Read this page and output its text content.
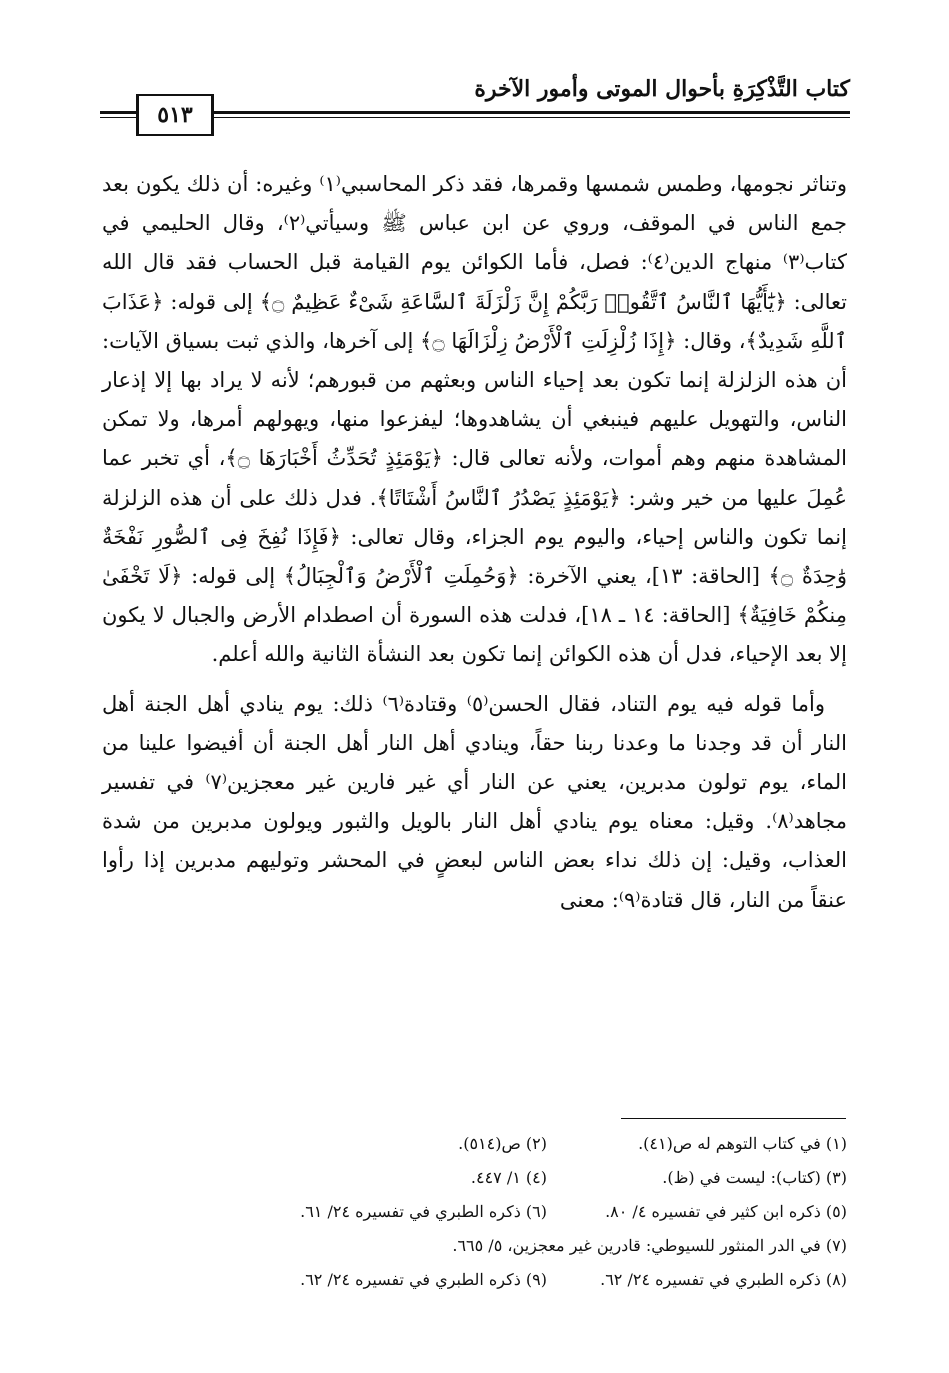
كتاب التَّذْكِرَةِ بأحوال الموتى وأمور الآخرة
٥١٣

وتناثر نجومها، وطمس شمسها وقمرها، فقد ذكر المحاسبي⁽١⁾ وغيره: أن ذلك يكون بعد جمع الناس في الموقف، وروي عن ابن عباس ﷺ وسيأتي⁽٢⁾، وقال الحليمي في كتاب⁽٣⁾ منهاج الدين⁽٤⁾: فصل، فأما الكوائن يوم القيامة قبل الحساب فقد قال الله تعالى: ﴿يَٰٓأَيُّهَا ٱلنَّاسُ ٱتَّقُوا۟ رَبَّكُمْ إِنَّ زَلْزَلَةَ ٱلسَّاعَةِ شَىْءٌ عَظِيمٌ ۝﴾ إلى قوله: ﴿عَذَابَ ٱللَّهِ شَدِيدٌ﴾، وقال: ﴿إِذَا زُلْزِلَتِ ٱلْأَرْضُ زِلْزَالَهَا ۝﴾ إلى آخرها، والذي ثبت بسياق الآيات: أن هذه الزلزلة إنما تكون بعد إحياء الناس وبعثهم من قبورهم؛ لأنه لا يراد بها إلا إذعار الناس، والتهويل عليهم فينبغي أن يشاهدوها؛ ليفزعوا منها، ويهولهم أمرها، ولا تمكن المشاهدة منهم وهم أموات، ولأنه تعالى قال: ﴿يَوْمَئِذٍ تُحَدِّثُ أَخْبَارَهَا ۝﴾، أي تخبر عما عُمِلَ عليها من خير وشر: ﴿يَوْمَئِذٍ يَصْدُرُ ٱلنَّاسُ أَشْتَاتًا﴾. فدل ذلك على أن هذه الزلزلة إنما تكون والناس إحياء، واليوم يوم الجزاء، وقال تعالى: ﴿فَإِذَا نُفِخَ فِى ٱلصُّورِ نَفْخَةٌ وَٰحِدَةٌ ۝﴾ [الحاقة: ١٣]، يعني الآخرة: ﴿وَحُمِلَتِ ٱلْأَرْضُ وَٱلْجِبَالُ﴾ إلى قوله: ﴿لَا تَخْفَىٰ مِنكُمْ خَافِيَةٌ﴾ [الحاقة: ١٤ ـ ١٨]، فدلت هذه السورة أن اصطدام الأرض والجبال لا يكون إلا بعد الإحياء، فدل أن هذه الكوائن إنما تكون بعد النشأة الثانية والله أعلم.

وأما قوله فيه يوم التناد، فقال الحسن⁽٥⁾ وقتادة⁽٦⁾ ذلك: يوم ينادي أهل الجنة أهل النار أن قد وجدنا ما وعدنا ربنا حقاً، وينادي أهل النار أهل الجنة أن أفيضوا علينا من الماء، يوم تولون مدبرين، يعني عن النار أي غير فارين غير معجزين⁽٧⁾ في تفسير مجاهد⁽٨⁾. وقيل: معناه يوم ينادي أهل النار بالويل والثبور ويولون مدبرين من شدة العذاب، وقيل: إن ذلك نداء بعض الناس لبعضٍ في المحشر وتوليهم مدبرين إذا رأوا عنقاً من النار، قال قتادة⁽٩⁾: معنى

(١) في كتاب التوهم له ص(٤١).
(٢) ص(٥١٤).
(٣) (كتاب): ليست في (ظ).
(٤) ١/ ٤٤٧.
(٥) ذكره ابن كثير في تفسيره ٤/ ٨٠.
(٦) ذكره الطبري في تفسيره ٢٤/ ٦١.
(٧) في الدر المنثور للسيوطي: قادرين غير معجزين، ٥/ ٦٦٥.
(٨) ذكره الطبري في تفسيره ٢٤/ ٦٢.
(٩) ذكره الطبري في تفسيره ٢٤/ ٦٢.
